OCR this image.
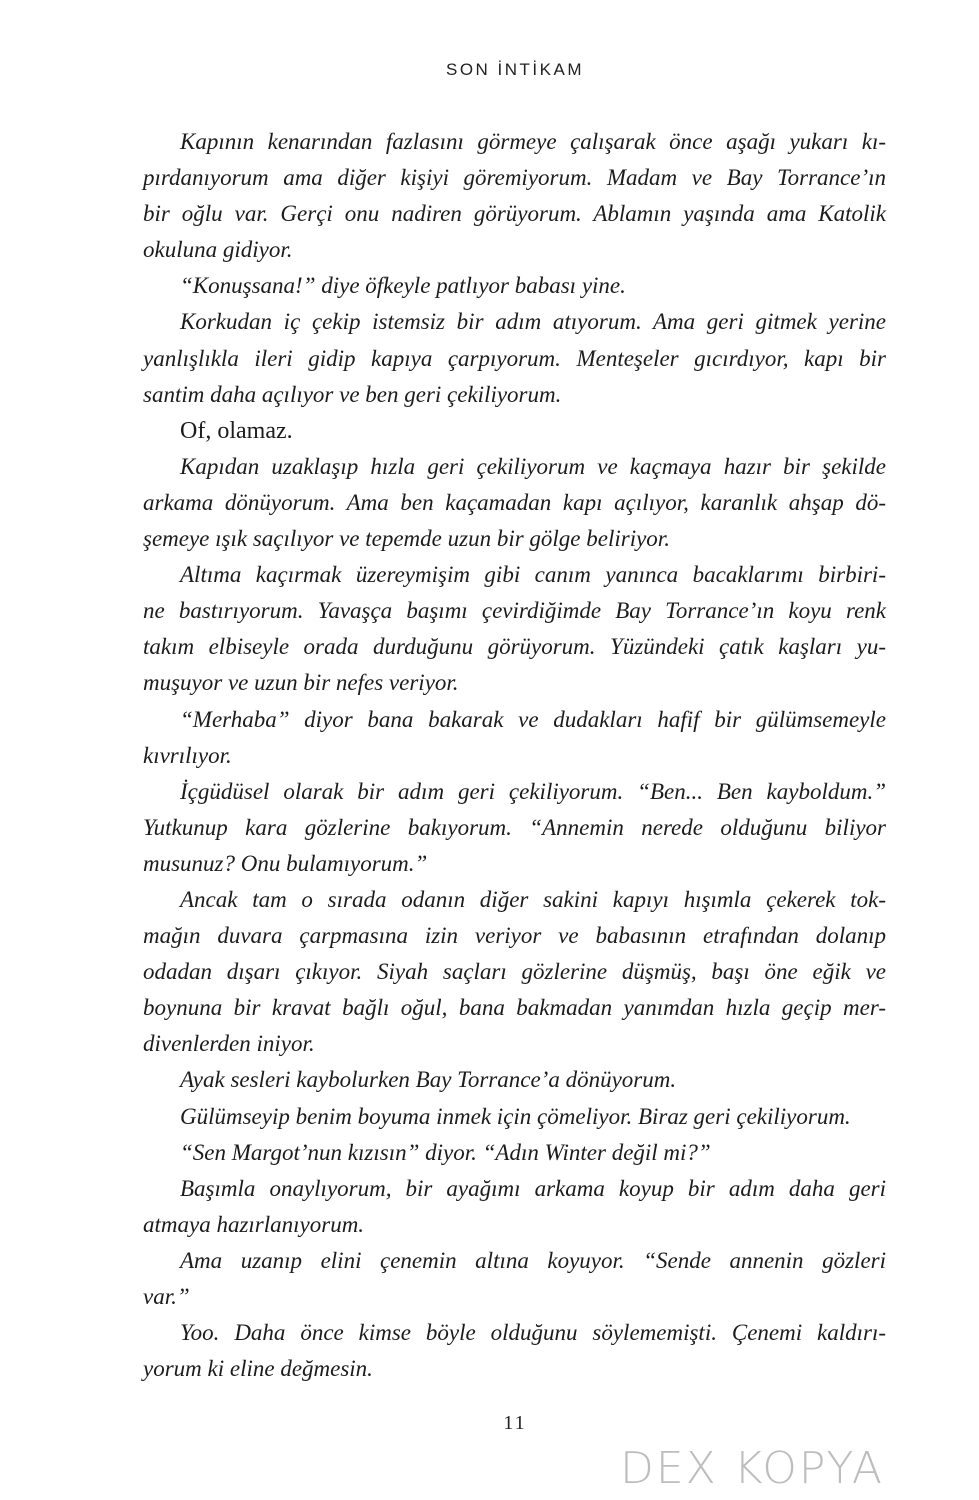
SON İNTİKAM
Kapının kenarından fazlasını görmeye çalışarak önce aşağı yukarı kı-
pırdanıyorum ama diğer kişiyi göremiyorum. Madam ve Bay Torrance’ın
bir oğlu var. Gerçi onu nadiren görüyorum. Ablamın yaşında ama Katolik
okuluna gidiyor.
“Konuşsana!” diye öfkeyle patlıyor babası yine.
Korkudan iç çekip istemsiz bir adım atıyorum. Ama geri gitmek yerine
yanlışlıkla ileri gidip kapıya çarpıyorum. Menteşeler gıcırdıyor, kapı bir
santim daha açılıyor ve ben geri çekiliyorum.
Of, olamaz.
Kapıdan uzaklaşıp hızla geri çekiliyorum ve kaçmaya hazır bir şekilde
arkama dönüyorum. Ama ben kaçamadan kapı açılıyor, karanlık ahşap dö-
şemeye ışık saçılıyor ve tepemde uzun bir gölge beliriyor.
Altıma kaçırmak üzereymişim gibi canım yanınca bacaklarımı birbiri-
ne bastırıyorum. Yavaşça başımı çevirdiğimde Bay Torrance’ın koyu renk
takım elbiseyle orada durduğunu görüyorum. Yüzündeki çatık kaşları yu-
muşuyor ve uzun bir nefes veriyor.
“Merhaba” diyor bana bakarak ve dudakları hafif bir gülümsemeyle
kıvrılıyor.
İçgüdüsel olarak bir adım geri çekiliyorum. “Ben... Ben kayboldum.”
Yutkunup kara gözlerine bakıyorum. “Annemin nerede olduğunu biliyor
musunuz? Onu bulamıyorum.”
Ancak tam o sırada odanın diğer sakini kapıyı hışımla çekerek tok-
mağın duvara çarpmasına izin veriyor ve babasının etrafından dolanıp
odadan dışarı çıkıyor. Siyah saçları gözlerine düşmüş, başı öne eğik ve
boynuna bir kravat bağlı oğul, bana bakmadan yanımdan hızla geçip mer-
divenlerden iniyor.
Ayak sesleri kaybolurken Bay Torrance’a dönüyorum.
Gülümseyip benim boyuma inmek için çömeliyor. Biraz geri çekiliyorum.
“Sen Margot’nun kızısın” diyor. “Adın Winter değil mi?”
Başımla onaylıyorum, bir ayağımı arkama koyup bir adım daha geri
atmaya hazırlanıyorum.
Ama uzanıp elini çenemin altına koyuyor. “Sende annenin gözleri
var.”
Yoo. Daha önce kimse böyle olduğunu söylememişti. Çenemi kaldırı-
yorum ki eline değmesin.
11
DEX KOPYA
